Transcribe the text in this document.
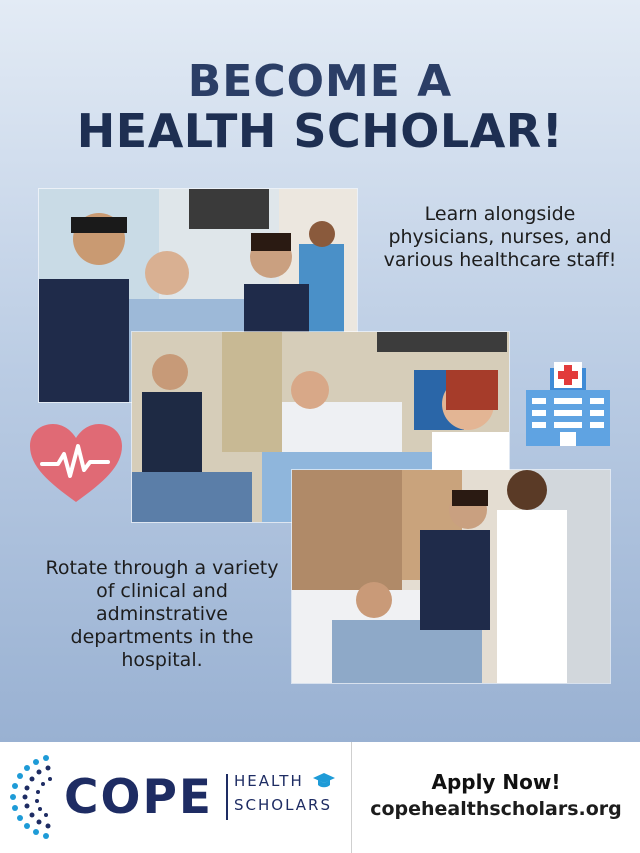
BECOME A
HEALTH SCHOLAR!

Learn alongside physicians, nurses, and various healthcare staff!

Rotate through a variety of clinical and adminstrative departments in the hospital.

COPE HEALTH
SCHOLARS

Apply Now!

copehealthscholars.org
